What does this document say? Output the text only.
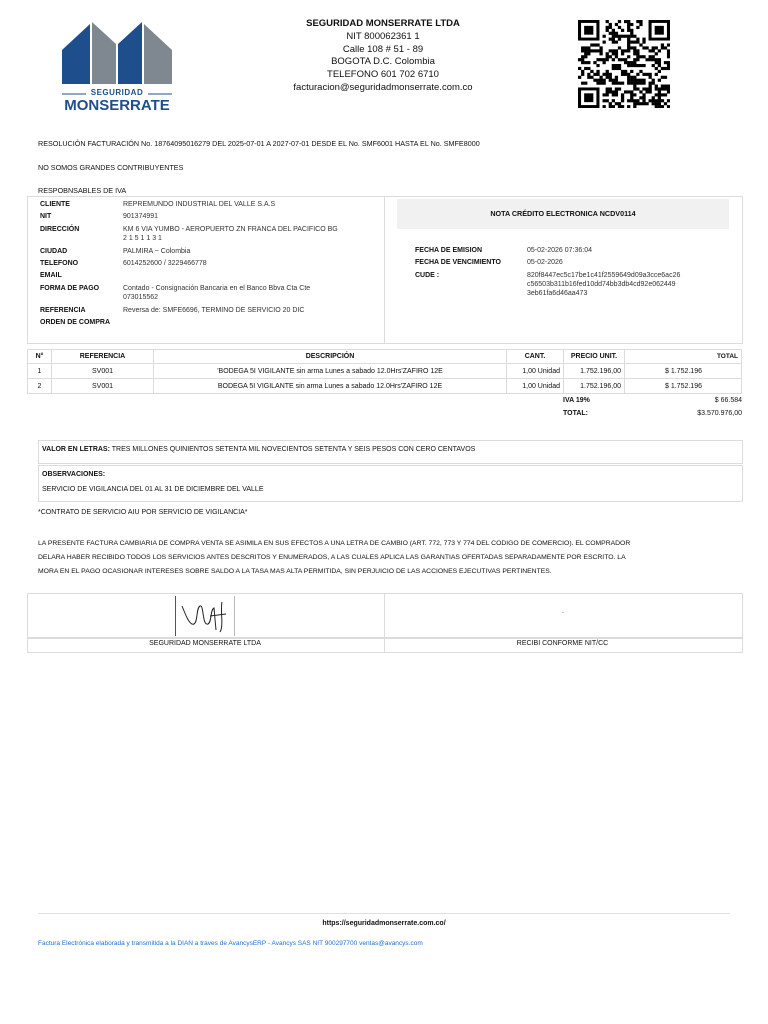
SEGURIDAD
MONSERRATE
SEGURIDAD MONSERRATE LTDA
NIT 800062361 1
Calle 108 # 51 - 89
BOGOTA D.C. Colombia
TELEFONO 601 702 6710
facturacion@seguridadmonserrate.com.co
RESOLUCIÓN FACTURACIÓN No. 18764095016279 DEL 2025-07-01 A 2027-07-01 DESDE EL No. SMF6001 HASTA EL No. SMFE8000
NO SOMOS GRANDES CONTRIBUYENTES
RESPOBNSABLES DE IVA
CLIENTE	REPREMUNDO INDUSTRIAL DEL VALLE S.A.S
NIT	901374991
DIRECCIÓN	KM 6 VIA YUMBO - AEROPUERTO ZN FRANCA DEL PACIFICO BG
2 1 5 1 1 3 1
CIUDAD	PALMIRA ~ Colombia
TELEFONO	6014252600 / 3229466778
EMAIL
FORMA DE PAGO	Contado - Consignación Bancaria en el Banco Bbva Cta Cte
073015562
REFERENCIA	Reversa de: SMFE6696, TERMINO DE SERVICIO 20 DIC
ORDEN DE COMPRA
NOTA CRÉDITO ELECTRONICA NCDV0114
FECHA DE EMISION	05-02-2026 07:36:04
FECHA DE VENCIMIENTO	05-02-2026
CUDE :	820f8447ec5c17be1c41f2559649d09a3cce6ac26
c56503b311b16fed10dd74bb3db4cd92e062449
3eb61fa6d46aa473
N°	REFERENCIA	DESCRIPCIÓN	CANT.	PRECIO UNIT.	TOTAL
1	SV001	'BODEGA 5I VIGILANTE sin arma Lunes a sabado 12.0Hrs'ZAFIRO 12E	1,00 Unidad	1.752.196,00	$ 1.752.196
2	SV001	BODEGA 5I VIGILANTE sin arma Lunes a sabado 12.0Hrs'ZAFIRO 12E	1,00 Unidad	1.752.196,00	$ 1.752.196
IVA 19%	$ 66.584
TOTAL:	$3.570.976,00
VALOR EN LETRAS: TRES MILLONES QUINIENTOS SETENTA MIL NOVECIENTOS SETENTA Y SEIS PESOS CON CERO CENTAVOS
OBSERVACIONES:
SERVICIO DE VIGILANCIA DEL 01 AL 31 DE DICIEMBRE DEL VALLE
*CONTRATO DE SERVICIO AIU POR SERVICIO DE VIGILANCIA*
LA PRESENTE FACTURA CAMBIARIA DE COMPRA VENTA SE ASIMILA EN SUS EFECTOS A UNA LETRA DE CAMBIO (ART. 772, 773 Y 774 DEL CODIGO DE COMERCIO). EL COMPRADOR
DELARA HABER RECIBIDO TODOS LOS SERVICIOS ANTES DESCRITOS Y ENUMERADOS, A LAS CUALES APLICA LAS GARANTIAS OFERTADAS SEPARADAMENTE POR ESCRITO. LA
MORA EN EL PAGO OCASIONAR INTERESES SOBRE SALDO A LA TASA MAS ALTA PERMITIDA, SIN PERJUICIO DE LAS ACCIONES EJECUTIVAS PERTINENTES.
.
SEGURIDAD MONSERRATE LTDA	RECIBI CONFORME NIT/CC
https://seguridadmonserrate.com.co/
Factura Electrónica elaborada y transmitida a la DIAN a traves de AvancysERP - Avancys SAS NIT 900297700 ventas@avancys.com
